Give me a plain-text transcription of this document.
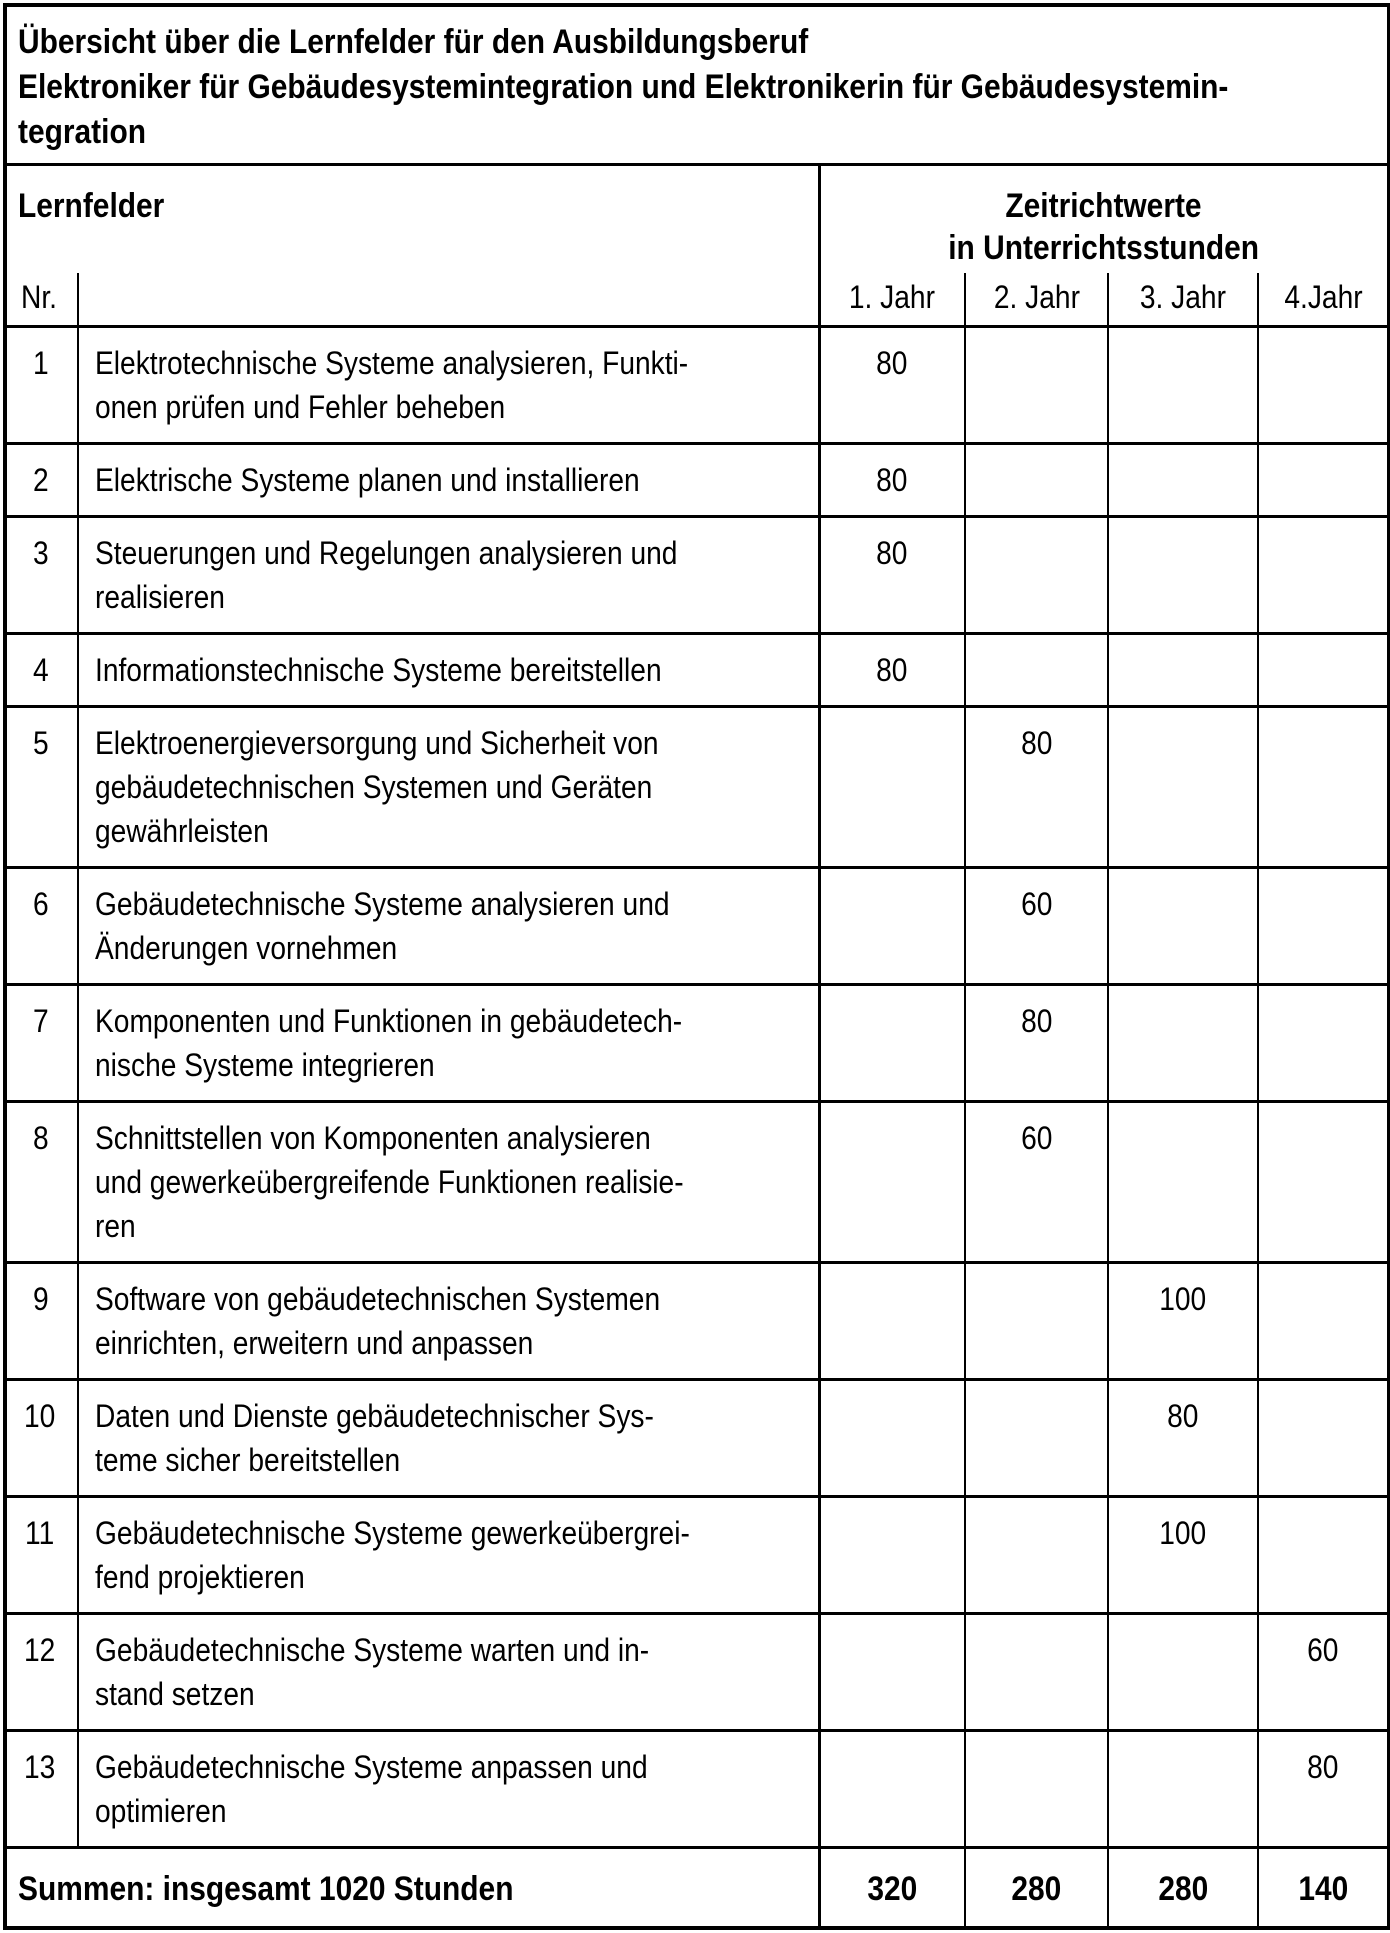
Übersicht über die Lernfelder für den Ausbildungsberuf
Elektroniker für Gebäudesystemintegration und Elektronikerin für Gebäudesystemin-
tegration					

Lernfelder		Zeitrichtwerte
in Unterrichtsstunden			

Nr.		1. Jahr	2. Jahr	3. Jahr	4.Jahr

1	Elektrotechnische Systeme analysieren, Funkti-
onen prüfen und Fehler beheben	80			

2	Elektrische Systeme planen und installieren	80			

3	Steuerungen und Regelungen analysieren und
realisieren	80			

4	Informationstechnische Systeme bereitstellen	80			

5	Elektroenergieversorgung und Sicherheit von
gebäudetechnischen Systemen und Geräten
gewährleisten		80		

6	Gebäudetechnische Systeme analysieren und
Änderungen vornehmen		60		

7	Komponenten und Funktionen in gebäudetech-
nische Systeme integrieren		80		

8	Schnittstellen von Komponenten analysieren
und gewerkeübergreifende Funktionen realisie-
ren		60		

9	Software von gebäudetechnischen Systemen
einrichten, erweitern und anpassen			100	

10	Daten und Dienste gebäudetechnischer Sys-
teme sicher bereitstellen			80	

11	Gebäudetechnische Systeme gewerkeübergrei-
fend projektieren			100	

12	Gebäudetechnische Systeme warten und in-
stand setzen				60

13	Gebäudetechnische Systeme anpassen und
optimieren				80

Summen: insgesamt 1020 Stunden		320	280	280	140
